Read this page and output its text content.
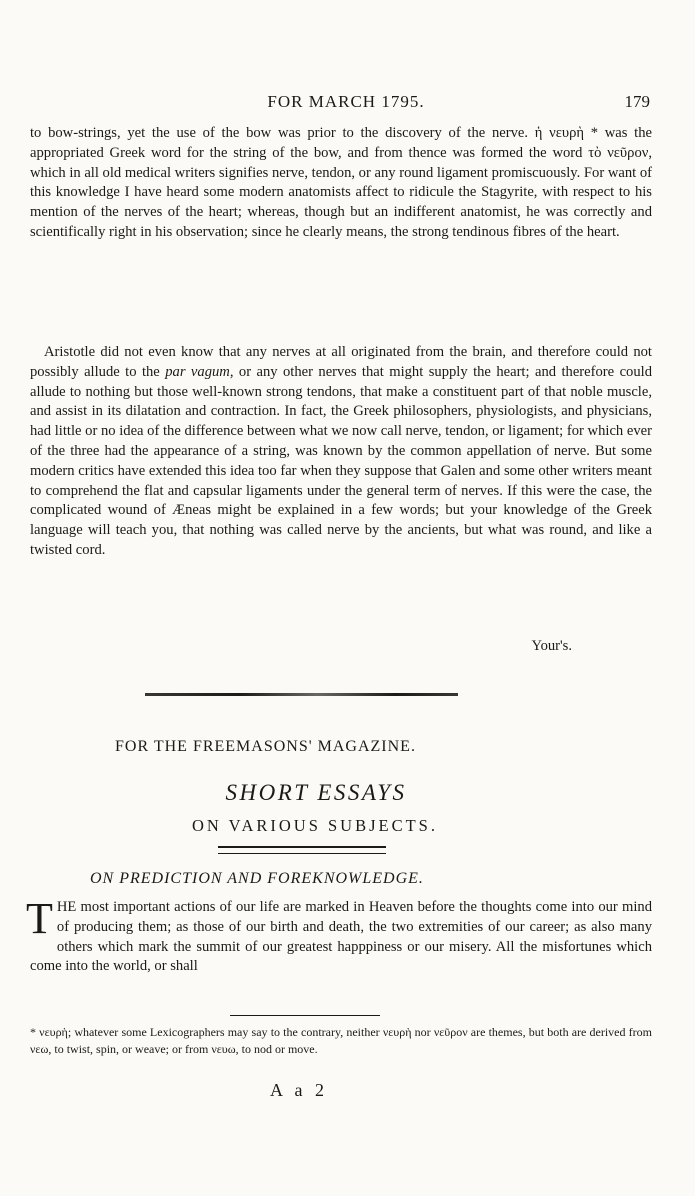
FOR MARCH 1795.	179

to bow-strings, yet the use of the bow was prior to the discovery of the nerve. ἡ νευρὴ * was the appropriated Greek word for the string of the bow, and from thence was formed the word τὸ νεῦρον, which in all old medical writers signifies nerve, tendon, or any round ligament promiscuously. For want of this knowledge I have heard some modern anatomists affect to ridicule the Stagyrite, with respect to his mention of the nerves of the heart; whereas, though but an indifferent anatomist, he was correctly and scientifically right in his observation; since he clearly means, the strong tendinous fibres of the heart.

Aristotle did not even know that any nerves at all originated from the brain, and therefore could not possibly allude to the par vagum, or any other nerves that might supply the heart; and therefore could allude to nothing but those well-known strong tendons, that make a constituent part of that noble muscle, and assist in its dilatation and contraction. In fact, the Greek philosophers, physiologists, and physicians, had little or no idea of the difference between what we now call nerve, tendon, or ligament; for which ever of the three had the appearance of a string, was known by the common appellation of nerve. But some modern critics have extended this idea too far when they suppose that Galen and some other writers meant to comprehend the flat and capsular ligaments under the general term of nerves. If this were the case, the complicated wound of Æneas might be explained in a few words; but your knowledge of the Greek language will teach you, that nothing was called nerve by the ancients, but what was round, and like a twisted cord.

Your's.
FOR THE FREEMASONS' MAGAZINE.
SHORT ESSAYS
ON VARIOUS SUBJECTS.
ON PREDICTION AND FOREKNOWLEDGE.
T HE most important actions of our life are marked in Heaven before the thoughts come into our mind of producing them; as those of our birth and death, the two extremities of our career; as also many others which mark the summit of our greatest happpiness or our misery. All the misfortunes which come into the world, or shall

* νευρὴ; whatever some Lexicographers may say to the contrary, neither νευρὴ nor νεῦρον are themes, but both are derived from νεω, to twist, spin, or weave; or from νευω, to nod or move.

A a 2
